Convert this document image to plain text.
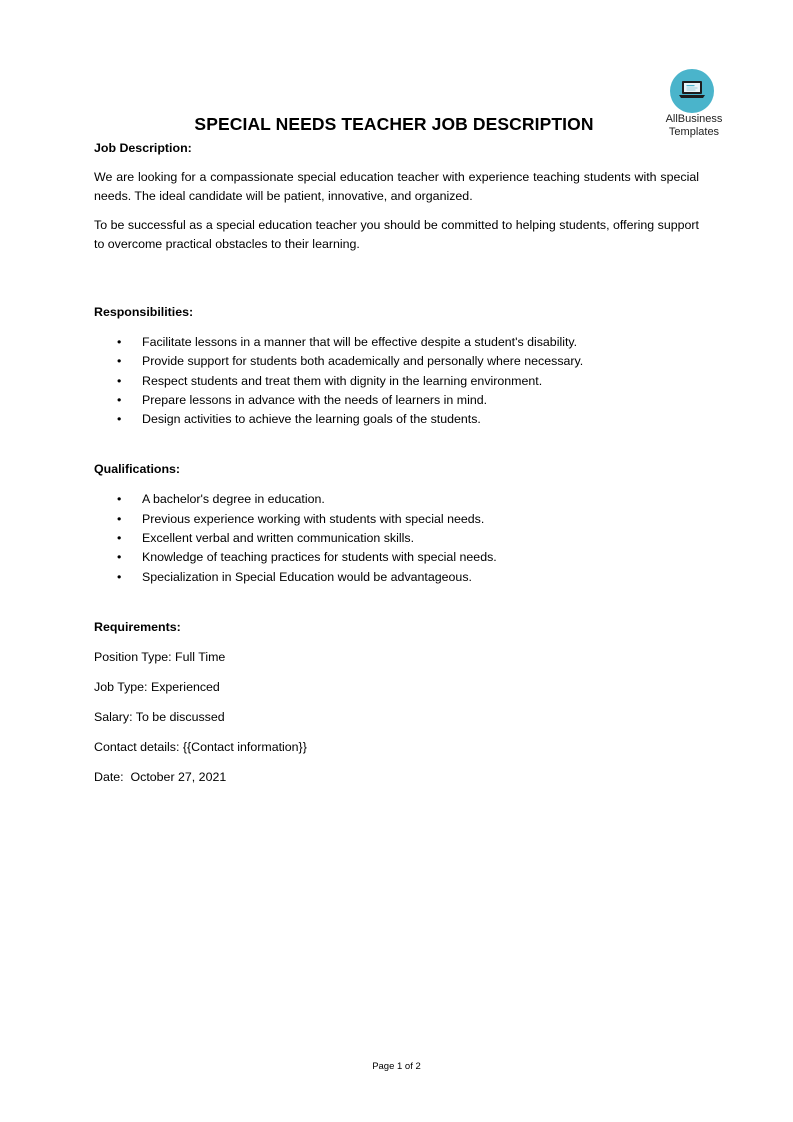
AllBusiness
Templates
SPECIAL NEEDS TEACHER JOB DESCRIPTION

Job Description:

We are looking for a compassionate special education teacher with experience teaching students with special needs. The ideal candidate will be patient, innovative, and organized.

To be successful as a special education teacher you should be committed to helping students, offering support to overcome practical obstacles to their learning.

Responsibilities:

• Facilitate lessons in a manner that will be effective despite a student's disability.
• Provide support for students both academically and personally where necessary.
• Respect students and treat them with dignity in the learning environment.
• Prepare lessons in advance with the needs of learners in mind.
• Design activities to achieve the learning goals of the students.

Qualifications:

• A bachelor's degree in education.
• Previous experience working with students with special needs.
• Excellent verbal and written communication skills.
• Knowledge of teaching practices for students with special needs.
• Specialization in Special Education would be advantageous.

Requirements:

Position Type: Full Time

Job Type: Experienced

Salary: To be discussed

Contact details: {{Contact information}}

Date:  October 27, 2021

Page 1 of 2
